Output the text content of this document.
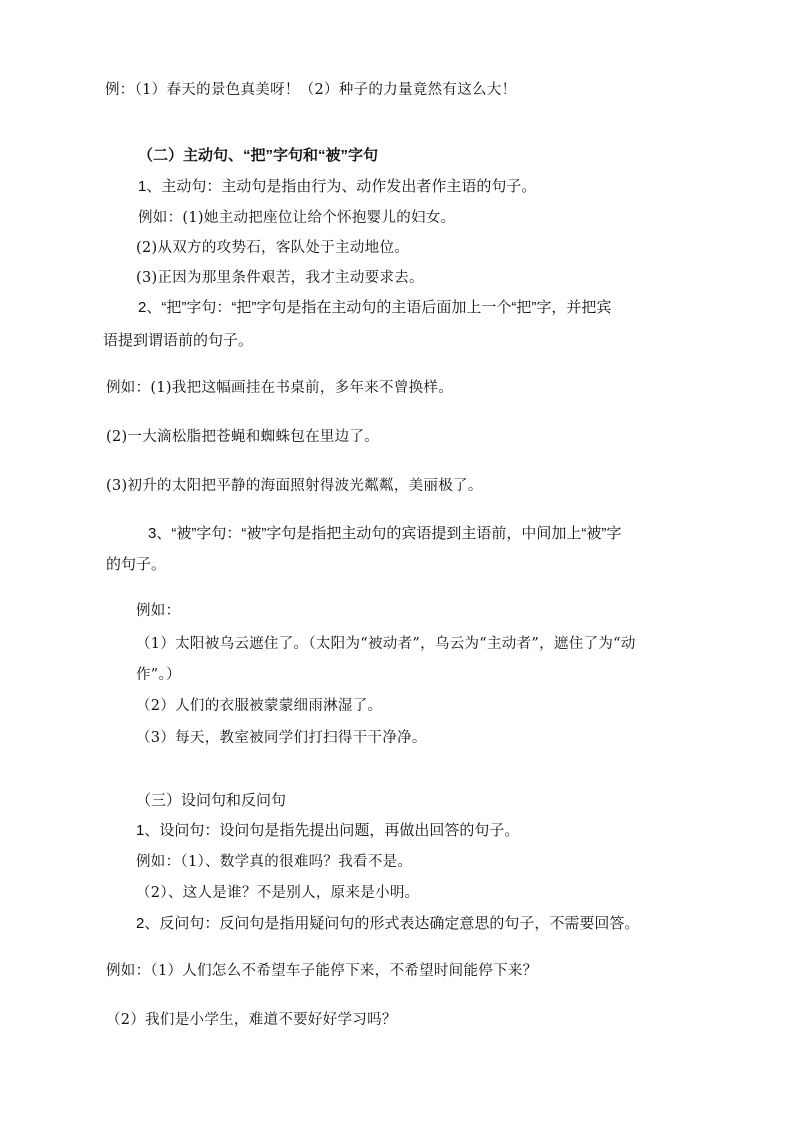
例：（1）春天的景色真美呀！（2）种子的力量竟然有这么大！
（二）主动句、“把”字句和“被”字句
1、主动句：主动句是指由行为、动作发出者作主语的句子。
例如：(1)她主动把座位让给个怀抱婴儿的妇女。
(2)从双方的攻势石，客队处于主动地位。
(3)正因为那里条件艰苦，我才主动要求去。
2、“把”字句：“把”字句是指在主动句的主语后面加上一个“把”字，并把宾
语提到谓语前的句子。
例如：(1)我把这幅画挂在书桌前，多年来不曾换样。
(2)一大滴松脂把苍蝇和蜘蛛包在里边了。
(3)初升的太阳把平静的海面照射得波光粼粼，美丽极了。
3、“被”字句：“被”字句是指把主动句的宾语提到主语前，中间加上“被”字
的句子。
例如：
（1）太阳被乌云遮住了。（太阳为“被动者”，乌云为“主动者”，遮住了为“动
作”。）
（2）人们的衣服被蒙蒙细雨淋湿了。
（3）每天，教室被同学们打扫得干干净净。
（三）设问句和反问句
1、设问句：设问句是指先提出问题，再做出回答的句子。
例如：（1）、数学真的很难吗？我看不是。
（2）、这人是谁？不是别人，原来是小明。
2、反问句：反问句是指用疑问句的形式表达确定意思的句子，不需要回答。
例如：（1）人们怎么不希望车子能停下来，不希望时间能停下来？
（2）我们是小学生，难道不要好好学习吗？
